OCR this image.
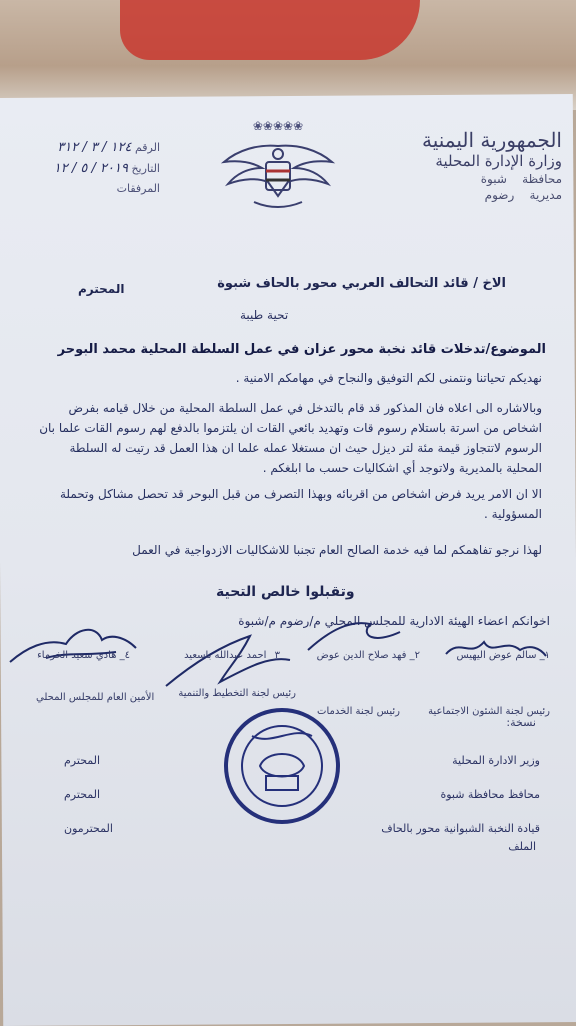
الجمهورية اليمنية
وزارة الإدارة المحلية
محافظة    شبوة
مديرية    رضوم
❀❀❀❀❀
الرقم ١٢٤ / ٣ / ٣١٢
التاريخ ٢٠١٩ / ٥ / ١٢
المرفقات
الاخ / قائد التحالف العربي محور بالحاف شبوة
المحترم
تحية طيبة
الموضوع/تدخلات قائد نخبة محور عزان في عمل السلطة المحلية محمد البوحر
نهديكم تحياتنا ونتمنى لكم التوفيق والنجاح في مهامكم الامنية .
وبالاشاره الى اعلاه فان المذكور قد قام بالتدخل في عمل السلطة المحلية من خلال قيامه بفرض اشخاص من اسرتة باستلام رسوم قات وتهديد بائعي القات ان يلتزموا بالدفع لهم رسوم القات علما بان الرسوم لاتتجاوز قيمة مئة لتر ديزل حيث ان مستغلا عمله علما ان هذا العمل قد رتيت له السلطة المحلية بالمديرية ولاتوجد أي اشكاليات حسب ما ابلغكم .
الا ان الامر يريد فرض اشخاص من اقربائه وبهذا التصرف من قبل البوحر قد تحصل مشاكل وتحملة المسؤولية .
لهذا نرجو تفاهمكم لما فيه خدمة الصالح العام تجنبا للاشكاليات الازدواجية في العمل
وتقبلوا خالص التحية
اخوانكم اعضاء الهيئة الادارية للمجلس المحلي م/رضوم م/شبوة
١_ سالم عوض اليهيس
٢_ فهد صلاح الدين عوض
٣_ احمد عبدالله باسعيد
٤_ هادي سعيد الخرماء
رئيس لجنة الشئون الاجتماعية
رئيس لجنة الخدمات
رئيس لجنة التخطيط والتنمية
الأمين العام للمجلس المحلي
نسخة:
وزير الادارة المحلية
محافظ محافظة شبوة
قيادة النخبة الشبوانية محور بالحاف
المحترم
المحترم
المحترمون
الملف
